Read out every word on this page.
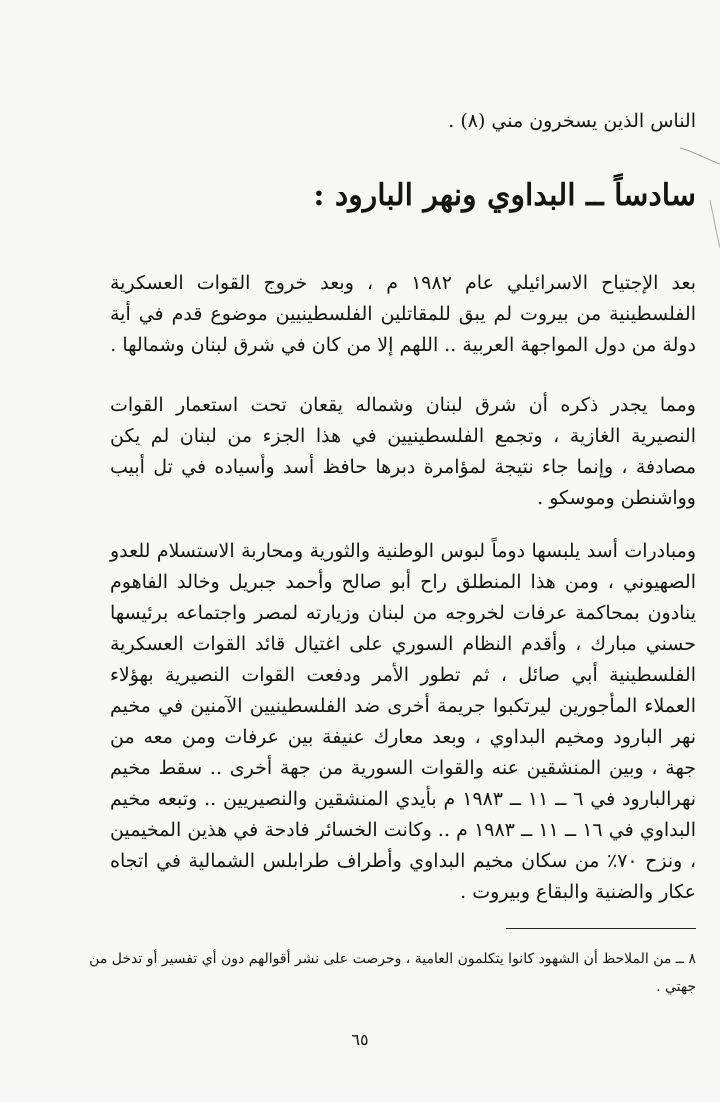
الناس الذين يسخرون مني (٨) .

سادساً ــ البداوي ونهر البارود :

بعد الإجتياح الاسرائيلي عام ١٩٨٢ م ، وبعد خروج القوات العسكرية الفلسطينية من بيروت لم يبق للمقاتلين الفلسطينيين موضوع قدم في أية دولة من دول المواجهة العربية .. اللهم إلا من كان في شرق لبنان وشمالها .

ومما يجدر ذكره أن شرق لبنان وشماله يقعان تحت استعمار القوات النصيرية الغازية ، وتجمع الفلسطينيين في هذا الجزء من لبنان لم يكن مصادفة ، وإنما جاء نتيجة لمؤامرة دبرها حافظ أسد وأسياده في تل أبيب وواشنطن وموسكو .

ومبادرات أسد يلبسها دوماً لبوس الوطنية والثورية ومحاربة الاستسلام للعدو الصهيوني ، ومن هذا المنطلق راح أبو صالح وأحمد جبريل وخالد الفاهوم ينادون بمحاكمة عرفات لخروجه من لبنان وزيارته لمصر واجتماعه برئيسها حسني مبارك ، وأقدم النظام السوري على اغتيال قائد القوات العسكرية الفلسطينية أبي صائل ، ثم تطور الأمر ودفعت القوات النصيرية بهؤلاء العملاء المأجورين ليرتكبوا جريمة أخرى ضد الفلسطينيين الآمنين في مخيم نهر البارود ومخيم البداوي ، وبعد معارك عنيفة بين عرفات ومن معه من جهة ، وبين المنشقين عنه والقوات السورية من جهة أخرى .. سقط مخيم نهرالبارود في ٦ ــ ١١ ــ ١٩٨٣ م بأيدي المنشقين والنصيريين .. وتبعه مخيم البداوي في ١٦ ــ ١١ ــ ١٩٨٣ م .. وكانت الخسائر فادحة في هذين المخيمين ، ونزح ٧٠٪ من سكان مخيم البداوي وأطراف طرابلس الشمالية في اتجاه عكار والضنية والبقاع وبيروت .

٨ ــ من الملاحظ أن الشهود كانوا يتكلمون العامية ، وحرصت على نشر أقوالهم دون أي تفسير أو تدخل من جهتي .

٦٥
